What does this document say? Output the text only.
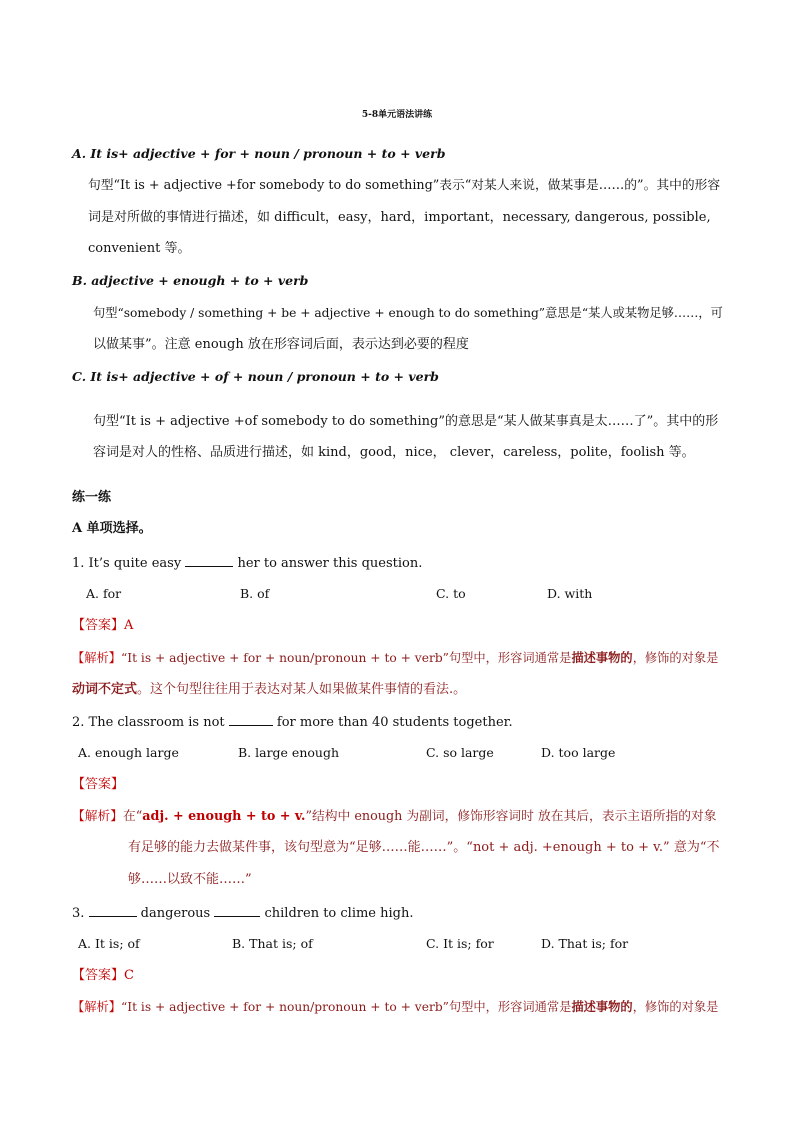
5-8单元语法讲练
A. It is+ adjective + for + noun / pronoun + to + verb
句型“It is + adjective +for somebody to do something”表示“对某人来说，做某事是……的”。其中的形容
词是对所做的事情进行描述，如 difficult，easy，hard，important，necessary, dangerous, possible,
convenient 等。
B. adjective + enough + to + verb
句型“somebody / something + be + adjective + enough to do something”意思是“某人或某物足够……，可
以做某事”。注意 enough 放在形容词后面，表示达到必要的程度
C. It is+ adjective + of + noun / pronoun + to + verb
句型“It is + adjective +of somebody to do something”的意思是“某人做某事真是太……了”。其中的形
容词是对人的性格、品质进行描述，如 kind，good，nice， clever，careless，polite，foolish 等。
练一练
A 单项选择。
1. It’s quite easy	her to answer this question.
A. for	B. of	C. to	D. with
【答案】A
【解析】“It is + adjective + for + noun/pronoun + to + verb”句型中，形容词通常是描述事物的，修饰的对象是
动词不定式。这个句型往往用于表达对某人如果做某件事情的看法.。
2. The classroom is not	for more than 40 students together.
A. enough large	B. large enough	C. so large	D. too large
【答案】
【解析】在“adj. + enough + to + v.”结构中 enough 为副词，修饰形容词时 放在其后，表示主语所指的对象
有足够的能力去做某件事，该句型意为“足够……能……”。“not + adj. +enough + to + v.” 意为“不
够……以致不能……”
3.	dangerous	children to clime high.
A. It is; of	B. That is; of	C. It is; for	D. That is; for
【答案】C
【解析】“It is + adjective + for + noun/pronoun + to + verb”句型中，形容词通常是描述事物的，修饰的对象是
